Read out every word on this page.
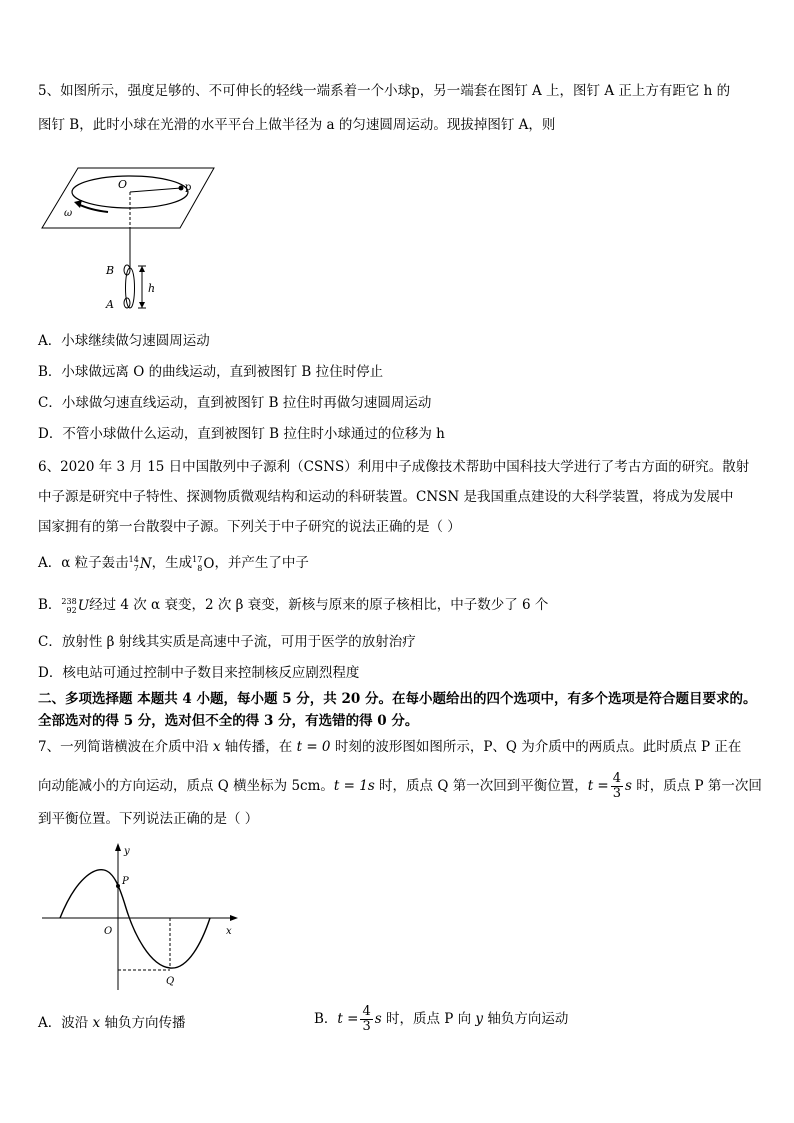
5、如图所示，强度足够的、不可伸长的轻线一端系着一个小球p，另一端套在图钉 A 上，图钉 A 正上方有距它 h 的
图钉 B，此时小球在光滑的水平平台上做半径为 a 的匀速圆周运动。现拔掉图钉 A，则
O	p
ω
B
A
h
A．小球继续做匀速圆周运动
B．小球做远离 O 的曲线运动，直到被图钉 B 拉住时停止
C．小球做匀速直线运动，直到被图钉 B 拉住时再做匀速圆周运动
D．不管小球做什么运动，直到被图钉 B 拉住时小球通过的位移为 h
6、2020 年 3 月 15 日中国散列中子源利（CSNS）利用中子成像技术帮助中国科技大学进行了考古方面的研究。散射
中子源是研究中子特性、探测物质微观结构和运动的科研装置。CNSN 是我国重点建设的大科学装置，将成为发展中
国家拥有的第一台散裂中子源。下列关于中子研究的说法正确的是（ ）
A．α 粒子轰击 14
7 N ，生成 17
8 O ，并产生了中子
B． 238
92 U 经过 4 次 α 衰变，2 次 β 衰变，新核与原来的原子核相比，中子数少了 6 个
C．放射性 β 射线其实质是高速中子流，可用于医学的放射治疗
D．核电站可通过控制中子数目来控制核反应剧烈程度
二、多项选择题 本题共 4 小题，每小题 5 分，共 20 分。在每小题给出的四个选项中，有多个选项是符合题目要求的。
全部选对的得 5 分，选对但不全的得 3 分，有选错的得 0 分。
7、一列简谐横波在介质中沿 x 轴传播，在 t = 0 时刻的波形图如图所示，P、Q 为介质中的两质点。此时质点 P 正在
向动能减小的方向运动，质点 Q 横坐标为 5cm。t = 1s 时，质点 Q 第一次回到平衡位置，$t = \frac{4}{3}$ s 时，质点 P 第一次回
到平衡位置。下列说法正确的是（ ）
y
x
O
P
Q
A．波沿 x 轴负方向传播	B．$t = \frac{4}{3}$ s 时，质点 P 向 y 轴负方向运动
